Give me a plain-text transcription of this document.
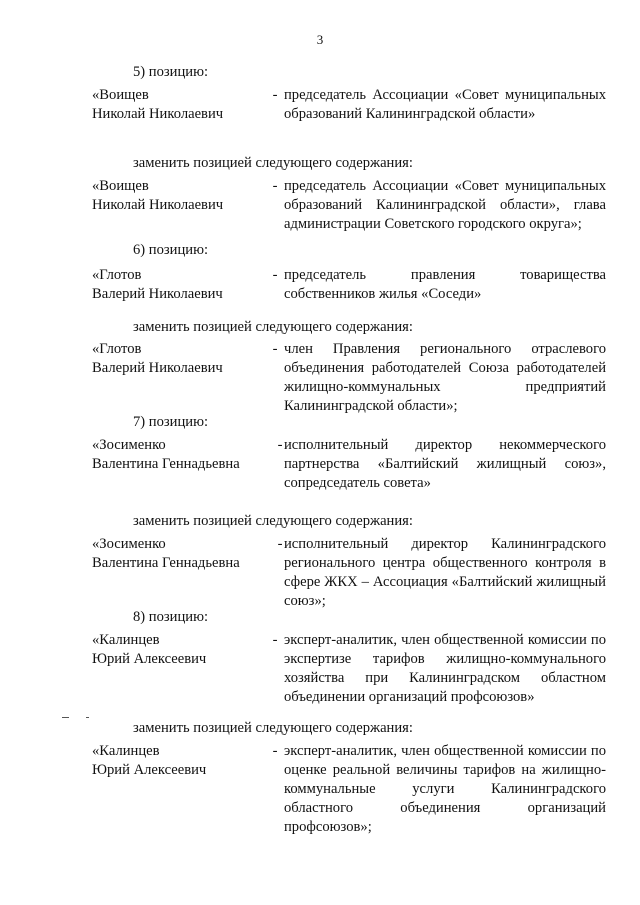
3
5) позицию:
«Воищев
Николай Николаевич
- председатель Ассоциации «Совет муниципальных образований Калининградской области»
заменить позицией следующего содержания:
«Воищев
Николай Николаевич
- председатель Ассоциации «Совет муниципальных образований Калининградской области», глава администрации Советского городского округа»;
6) позицию:
«Глотов
Валерий Николаевич
- председатель правления товарищества собственников жилья «Соседи»
заменить позицией следующего содержания:
«Глотов
Валерий Николаевич
- член Правления регионального отраслевого объединения работодателей Союза работодателей жилищно-коммунальных предприятий Калининградской области»;
7) позицию:
«Зосименко
Валентина Геннадьевна
- исполнительный директор некоммерческого партнерства «Балтийский жилищный союз», сопредседатель совета»
заменить позицией следующего содержания:
«Зосименко
Валентина Геннадьевна
- исполнительный директор Калининградского регионального центра общественного контроля в сфере ЖКХ – Ассоциация «Балтийский жилищный союз»;
8) позицию:
«Калинцев
Юрий Алексеевич
- эксперт-аналитик, член общественной комиссии по экспертизе тарифов жилищно-коммунального хозяйства при Калининградском областном объединении организаций профсоюзов»
заменить позицией следующего содержания:
«Калинцев
Юрий Алексеевич
- эксперт-аналитик, член общественной комиссии по оценке реальной величины тарифов на жилищно-коммунальные услуги Калининградского областного объединения организаций профсоюзов»;
